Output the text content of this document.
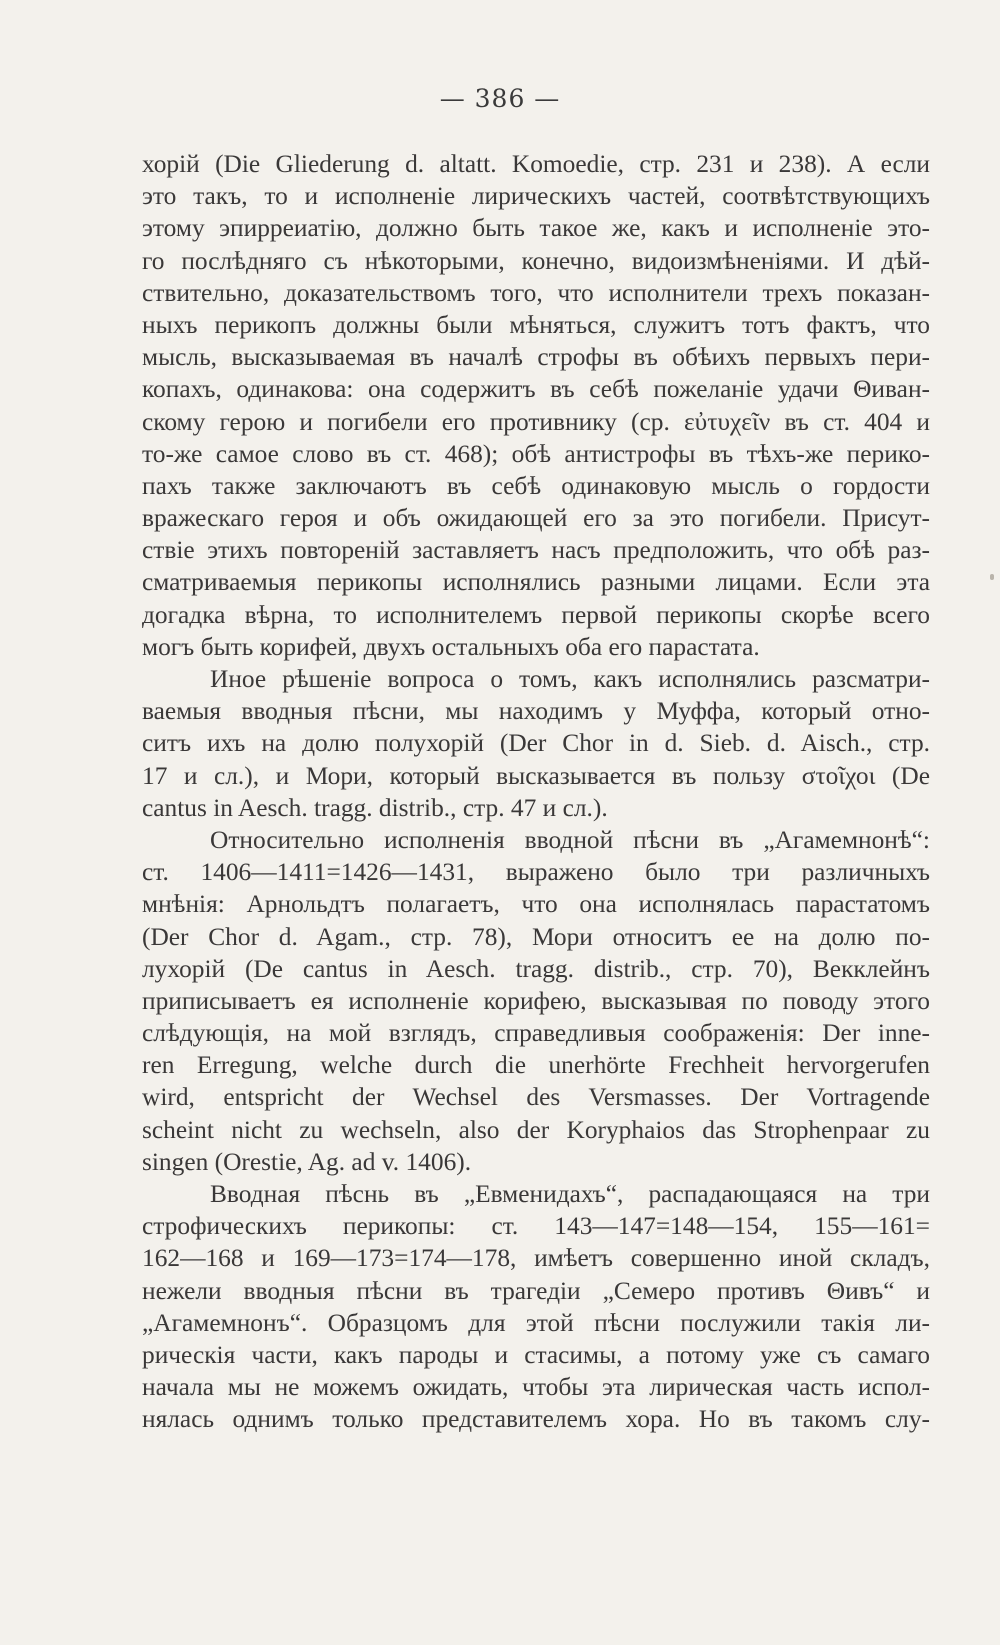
— 386 —
хорій (Die Gliederung d. altatt. Komoedie, стр. 231 и 238). А если
это такъ, то и исполненіе лирическихъ частей, соотвѣтствующихъ
этому эпирреиатію, должно быть такое же, какъ и исполненіе это-
го послѣдняго съ нѣкоторыми, конечно, видоизмѣненіями. И дѣй-
ствительно, доказательствомъ того, что исполнители трехъ показан-
ныхъ перикопъ должны были мѣняться, служитъ тотъ фактъ, что
мысль, высказываемая въ началѣ строфы въ обѣихъ первыхъ пери-
копахъ, одинакова: она содержитъ въ себѣ пожеланіе удачи Θиван-
скому герою и погибели его противнику (ср. εὐτυχεῖν въ ст. 404 и
то-же самое слово въ ст. 468); обѣ антистрофы въ тѣхъ-же перико-
пахъ также заключаютъ въ себѣ одинаковую мысль о гордости
вражескаго героя и объ ожидающей его за это погибели. Присут-
ствіе этихъ повтореній заставляетъ насъ предположить, что обѣ раз-
сматриваемыя перикопы исполнялись разными лицами. Если эта
догадка вѣрна, то исполнителемъ первой перикопы скорѣе всего
могъ быть корифей, двухъ остальныхъ оба его парастата.
Иное рѣшеніе вопроса о томъ, какъ исполнялись разсматри-
ваемыя вводныя пѣсни, мы находимъ у Муффа, который отно-
ситъ ихъ на долю полухорій (Der Chor in d. Sieb. d. Aisch., стр.
17 и сл.), и Мори, который высказывается въ пользу στοῖχοι (De
cantus in Aesch. tragg. distrib., стр. 47 и сл.).
Относительно исполненія вводной пѣсни въ „Агамемнонѣ“:
ст. 1406—1411=1426—1431, выражено было три различныхъ
мнѣнія: Арнольдтъ полагаетъ, что она исполнялась парастатомъ
(Der Chor d. Agam., стр. 78), Мори относитъ ее на долю по-
лухорій (De cantus in Aesch. tragg. distrib., стр. 70), Векклейнъ
приписываетъ ея исполненіе корифею, высказывая по поводу этого
слѣдующія, на мой взглядъ, справедливыя соображенія: Der inne-
ren Erregung, welche durch die unerhörte Frechheit hervorgerufen
wird, entspricht der Wechsel des Versmasses. Der Vortragende
scheint nicht zu wechseln, also der Koryphaios das Strophenpaar zu
singen (Orestie, Ag. ad v. 1406).
Вводная пѣснь въ „Евменидахъ“, распадающаяся на три
строфическихъ перикопы: ст. 143—147=148—154, 155—161=
162—168 и 169—173=174—178, имѣетъ совершенно иной складъ,
нежели вводныя пѣсни въ трагедіи „Семеро противъ Θивъ“ и
„Агамемнонъ“. Образцомъ для этой пѣсни послужили такія ли-
рическія части, какъ пароды и стасимы, а потому уже съ самаго
начала мы не можемъ ожидать, чтобы эта лирическая часть испол-
нялась однимъ только представителемъ хора. Но въ такомъ слу-
